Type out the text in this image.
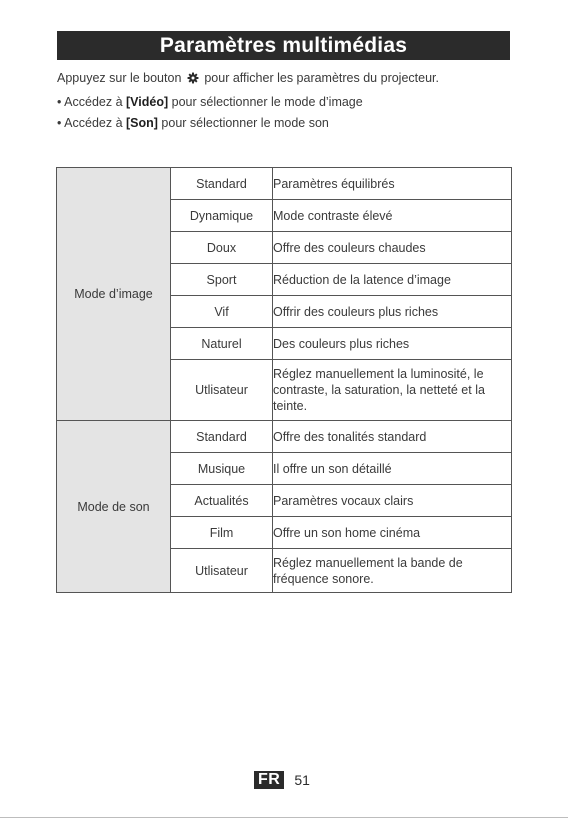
Paramètres multimédias
Appuyez sur le bouton pour afficher les paramètres du projecteur.
• Accédez à [Vidéo] pour sélectionner le mode d’image
• Accédez à [Son] pour sélectionner le mode son
Mode d’image	Standard	Paramètres équilibrés
	Dynamique	Mode contraste élevé
	Doux	Offre des couleurs chaudes
	Sport	Réduction de la latence d’image
	Vif	Offrir des couleurs plus riches
	Naturel	Des couleurs plus riches
	Utlisateur	Réglez manuellement la luminosité, le contraste, la saturation, la netteté et la teinte.
Mode de son	Standard	Offre des tonalités standard
	Musique	Il offre un son détaillé
	Actualités	Paramètres vocaux clairs
	Film	Offre un son home cinéma
	Utlisateur	Réglez manuellement la bande de fréquence sonore.
FR 51
